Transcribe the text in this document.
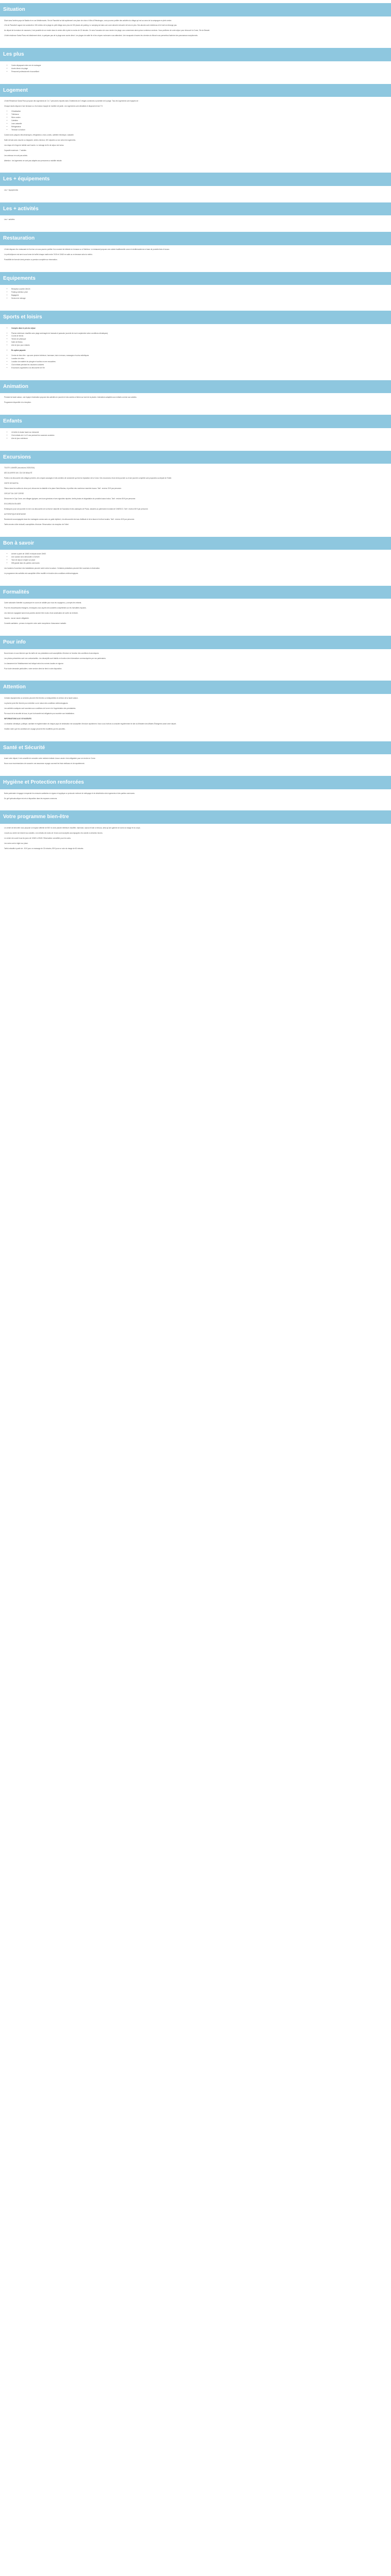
Situation

Situé dans l'arrière-pays de Bastia et en vue Méditerranée, l'île de Pianottoli se fait rapidement une place de choix à Ville-di-Pietrabugno, vous pourrez profiter des activités du village qui est au cœur de la campagne en plein centre.

L'île de Pianottoli Lagune est construite à 150 mètres de la plage du petit village avec plus de 200 places de parking. Le camping est dans une zone arborée entourée de bois en pins. Ses abords sont entretenus et le bruit ne dérange pas.

Au départ de la maison de vacances, il est possible de se rendre dans le centre-ville à pied en moins de 15 minutes. Ce sera l'occasion de vous rendre à la plage, aux commerces ainsi qu'aux nombreux services. Vous profiterez de votre séjour pour découvrir la Corse, l'île de Beauté.

L'hôtel résidence Santa Pianu est idéalement situé, à quelques pas de la plage avec accès direct. Les plages de sable fin et les criques rocheuses vous attendent. Une escapade à travers les chemins du littoral vous permettra d'admirer des panoramas exceptionnels.

Les plus
• Cadre dépaysant entre mer et montagne
• Accès direct à la plage
• Personnel professionnel et accueillant
Logement

L'hôtel Résidence Santa Pianu propose des logements de 2 à 7 personnes répartis dans 3 bâtiments de 3 étages construits à proximité de la plage. Tous les logements sont équipés de :

Chaque studio dispose d'une terrasse ou d'un balcon équipé de mobilier de jardin. Les logements sont climatisés et disposent d'une TV.

• Climatisation
• Téléviseur
• Micro-ondes
• Cafetière
• Lave-vaisselle
• Réfrigérateur
• Terrasse ou balcon

Cuisine avec plaques vitrocéramiques, réfrigérateur, micro-ondes, cafetière électrique, vaisselle

Salle de bain avec douche ou baignoire, sèche-cheveux, WC séparés ou non selon les logements.

Les draps et le linge de toilette sont fournis. Le ménage de fin de séjour est inclus.

Capacité maximum : 7 adultes

Les animaux ne sont pas admis.

Attention : les logements ne sont pas adaptés aux personnes à mobilité réduite.

Les + équipements

Les + équipements

Les + activités

Les + activités

Restauration

L'hôtel dispose d'un restaurant et d'un bar où vous pourrez profiter d'un moment de détente en terrasse ou à l'intérieur. Le restaurant propose une cuisine traditionnelle corse et méditerranéenne à base de produits frais et locaux.

Le petit-déjeuner est servi sous forme de buffet chaque matin entre 7h30 et 10h00 en salle ou en terrasse selon la météo.

Possibilité de formule demi-pension ou pension complète sur réservation.

Equipements
• Réception ouverte 24h/24
• Parking extérieur privé
• Bagagerie
• Service de ménage
Sports et loisirs
• Compris dans le prix du séjour
• Piscine extérieure chauffée avec plage aménagée de transats et parasols (ouverte de mai à septembre selon conditions climatiques)
• Courts de tennis
• Terrain de pétanque
• Salle de fitness
• Aire de jeux pour enfants
• En option payante
• Centre de bien-être : spa avec piscine intérieure, hammam, bain à remous, massages et soins esthétiques
• Location de vélos
• Location de matériel de plongée et sorties en mer encadrées
• Club enfants pendant les vacances scolaires
• Excursions organisées à la découverte de l'île
Animation

Pendant la haute saison, une équipe d'animation propose des activités en journée et des soirées à thème au bord de la piscine. Animations adaptées aux enfants comme aux adultes.

Programme disponible à la réception.

Enfants
• Lit bébé et chaise haute sur demande
• Club enfants de 4 à 12 ans pendant les vacances scolaires
• Aire de jeux extérieure
Excursions

TOUTE L'ANNÉE (excursions 2023/2024)

DÉCOUVERTE DE L'ÎLE DE BEAUTÉ

Partez à la découverte des villages perchés, des criques sauvages et des sentiers de randonnée qui font la réputation de la Corse. Des excursions d'une demi-journée ou d'une journée complète sont proposées au départ de l'hôtel.

VISITE DE BASTIA

Flânez dans les ruelles du vieux port, découvrez la citadelle et la place Saint-Nicolas, et profitez des nombreux marchés locaux. Tarif : environ 25 € par personne.

CIRCUIT DU CAP CORSE

Découvrez le Cap Corse, ses villages typiques, ses tours génoises et ses vignobles réputés. Arrêts photos et dégustation de produits locaux inclus. Tarif : environ 55 € par personne.

EXCURSION EN MER

Embarquez pour une journée en mer à la découverte de la réserve naturelle de Scandola et des calanques de Piana, classées au patrimoine mondial de l'UNESCO. Tarif : environ 80 € par personne.

AUTHENTIQUE MONTAGNE

Randonnée accompagnée dans les montagnes corses avec un guide diplômé, à la découverte des lacs d'altitude et de la faune et la flore locales. Tarif : environ 45 € par personne.

Tarifs donnés à titre indicatif, susceptibles d'évoluer. Réservation à la réception de l'hôtel.

Bon à savoir
• Arrivée à partir de 16h00 et départ avant 10h00
• Une caution sera demandée à l'arrivée
• Taxe de séjour à régler sur place
• Wifi gratuit dans les parties communes

Les horaires d'ouverture des installations peuvent varier selon la saison. Certaines prestations peuvent être soumises à réservation.

Le programme des activités est susceptible d'être modifié en fonction des conditions météorologiques.

Formalités

Carte nationale d'identité ou passeport en cours de validité pour tous les voyageurs, y compris les enfants.

Pour les ressortissants étrangers, renseignez-vous auprès des autorités compétentes sur les formalités requises.

Les mineurs voyageant sans leurs parents doivent être munis d'une autorisation de sortie du territoire.

Vaccins : aucun vaccin obligatoire.

Conseils sanitaires : pensez à emporter votre carte européenne d'assurance maladie.

Pour info

Nous tenons à vous informer que les tarifs de nos prestations sont susceptibles d'évoluer en fonction des conditions économiques.

Les photos présentées sont non contractuelles. Les descriptifs sont établis en fonction des informations communiquées par nos partenaires.

Le classement de l'établissement est indiqué selon les normes locales en vigueur.

Pour toute demande particulière, notre service client se tient à votre disposition.

Attention

Certains équipements ou services peuvent être fermés ou indisponibles en dehors de la haute saison.

La piscine peut être fermée pour entretien ou en raison des conditions météorologiques.

Les activités nautiques sont soumises aux conditions de la mer et à l'appréciation des prestataires.

Par souci de la sécurité de tous, le port du bracelet est obligatoire pour accéder aux installations.

INFORMATIONS AUX VOYAGEURS

La situation climatique, politique, sanitaire et réglementaire de chaque pays de destination est susceptible d'évoluer rapidement. Nous vous invitons à consulter régulièrement le site du Ministère des Affaires Étrangères avant votre départ.

Veuillez noter que les conditions de voyage peuvent être modifiées par les autorités.

Santé et Sécurité

Avant votre départ, il est conseillé de consulter votre médecin traitant. Aucun vaccin n'est obligatoire pour se rendre en Corse.

Nous vous recommandons de souscrire une assurance voyage couvrant les frais médicaux et de rapatriement.

Hygiène et Protection renforcées

Notre partenaire s'engage à respecter les mesures sanitaires en vigueur et applique un protocole renforcé de nettoyage et de désinfection des logements et des parties communes.

Du gel hydroalcoolique est mis à disposition dans les espaces communs.

Votre programme bien-être

Le centre de bien-être vous propose un espace détente de 500 m² avec piscine intérieure chauffée, hammam, sauna et bain à remous, ainsi qu'une gamme de soins du visage et du corps.

L'accès au centre est réservé aux adultes. Les enfants de moins de 16 ans sont acceptés accompagnés d'un adulte à certaines heures.

Le centre est ouvert tous les jours de 10h00 à 19h00. Réservation conseillée pour les soins.

Les soins sont à régler sur place.

Tarifs indicatifs à partir de : 50 € pour un massage de 30 minutes, 85 € pour un soin du visage de 60 minutes.
